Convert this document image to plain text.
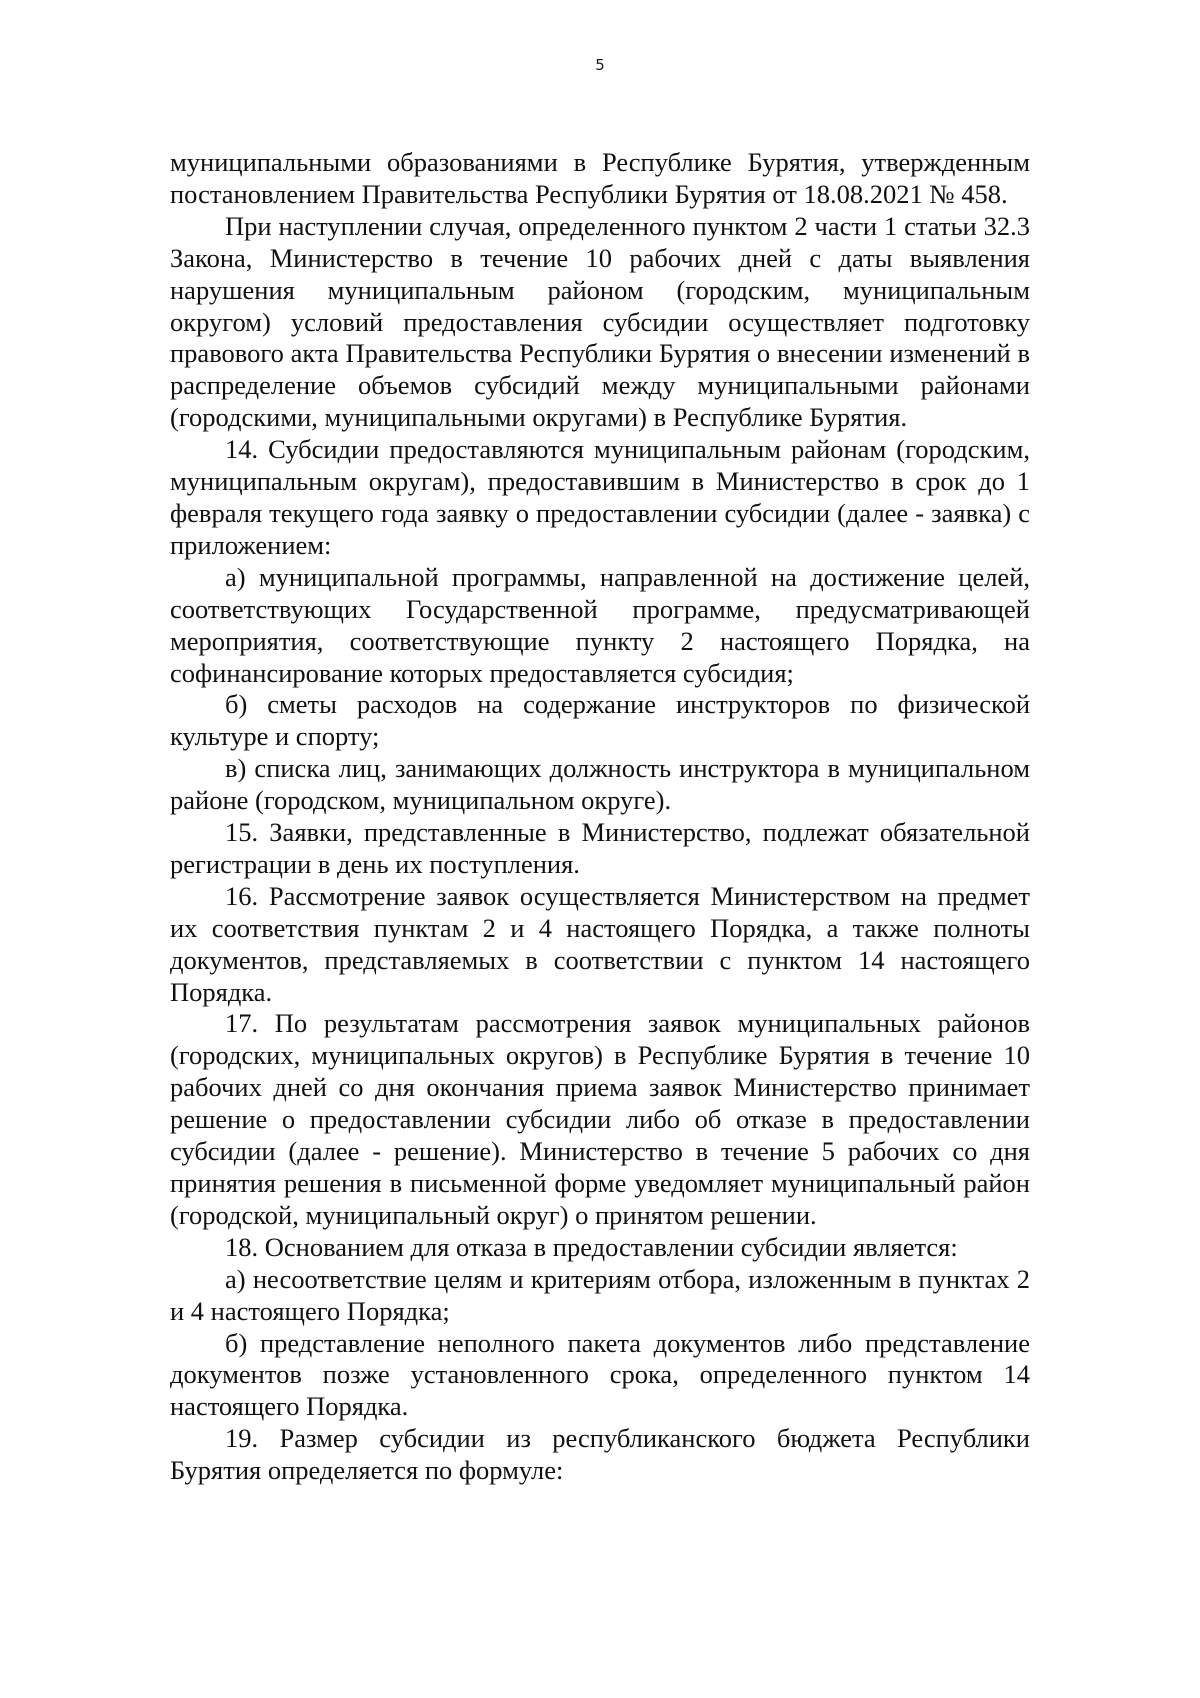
5

муниципальными образованиями в Республике Бурятия, утвержденным постановлением Правительства Республики Бурятия от 18.08.2021 № 458.

При наступлении случая, определенного пунктом 2 части 1 статьи 32.3 Закона, Министерство в течение 10 рабочих дней с даты выявления нарушения муниципальным районом (городским, муниципальным округом) условий предоставления субсидии осуществляет подготовку правового акта Правительства Республики Бурятия о внесении изменений в распределение объемов субсидий между муниципальными районами (городскими, муниципальными округами) в Республике Бурятия.

14. Субсидии предоставляются муниципальным районам (городским, муниципальным округам), предоставившим в Министерство в срок до 1 февраля текущего года заявку о предоставлении субсидии (далее - заявка) с приложением:

а) муниципальной программы, направленной на достижение целей, соответствующих Государственной программе, предусматривающей мероприятия, соответствующие пункту 2 настоящего Порядка, на софинансирование которых предоставляется субсидия;

б) сметы расходов на содержание инструкторов по физической культуре и спорту;

в) списка лиц, занимающих должность инструктора в муниципальном районе (городском, муниципальном округе).

15. Заявки, представленные в Министерство, подлежат обязательной регистрации в день их поступления.

16. Рассмотрение заявок осуществляется Министерством на предмет их соответствия пунктам 2 и 4 настоящего Порядка, а также полноты документов, представляемых в соответствии с пунктом 14 настоящего Порядка.

17. По результатам рассмотрения заявок муниципальных районов (городских, муниципальных округов) в Республике Бурятия в течение 10 рабочих дней со дня окончания приема заявок Министерство принимает решение о предоставлении субсидии либо об отказе в предоставлении субсидии (далее - решение). Министерство в течение 5 рабочих со дня принятия решения в письменной форме уведомляет муниципальный район (городской, муниципальный округ) о принятом решении.

18. Основанием для отказа в предоставлении субсидии является:

а) несоответствие целям и критериям отбора, изложенным в пунктах 2 и 4 настоящего Порядка;

б) представление неполного пакета документов либо представление документов позже установленного срока, определенного пунктом 14 настоящего Порядка.

19. Размер субсидии из республиканского бюджета Республики Бурятия определяется по формуле:
